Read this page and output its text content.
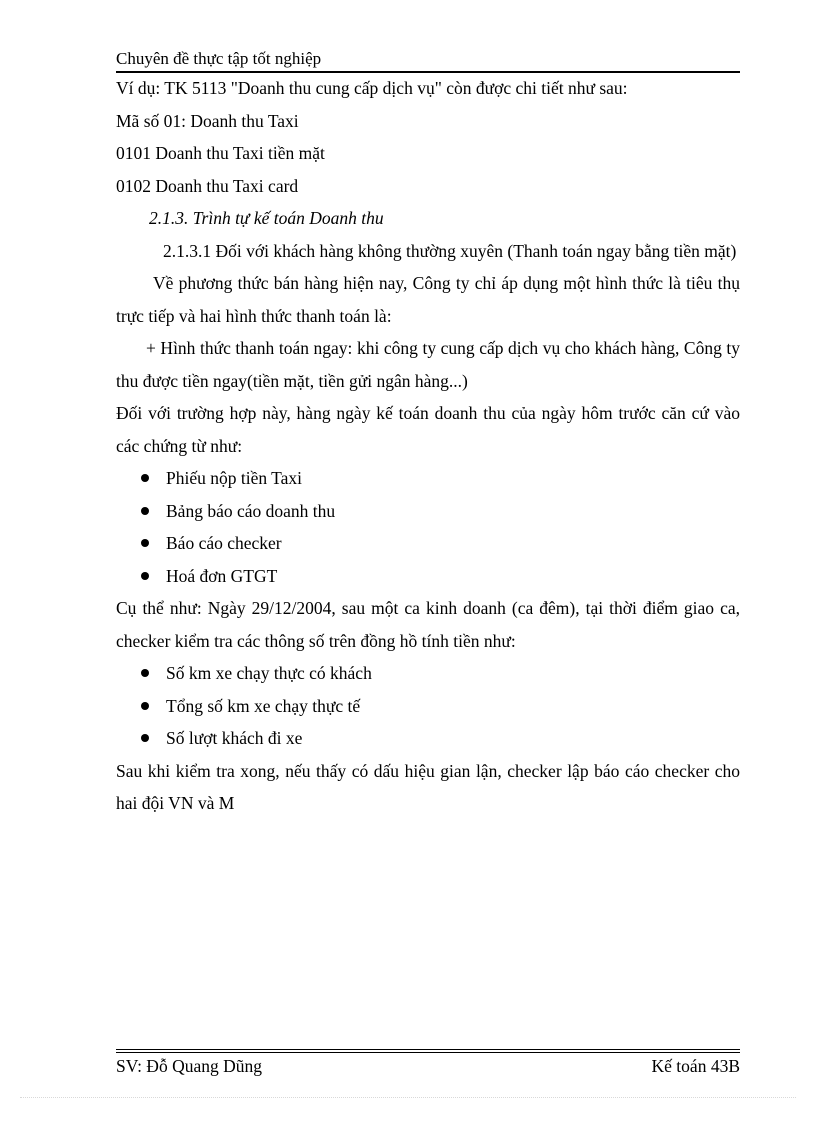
Chuyên đề thực tập tốt nghiệp

Ví dụ: TK 5113 "Doanh thu cung cấp dịch vụ" còn được chi tiết như sau:

Mã số 01: Doanh thu Taxi

0101 Doanh thu Taxi tiền mặt

0102 Doanh thu Taxi card

2.1.3. Trình tự kế toán Doanh thu

2.1.3.1 Đối với khách hàng không thường xuyên (Thanh toán ngay bằng tiền mặt)

Về phương thức bán hàng hiện nay, Công ty chỉ áp dụng một hình thức là tiêu thụ trực tiếp và hai hình thức thanh toán là:

+ Hình thức thanh toán ngay: khi công ty cung cấp dịch vụ cho khách hàng, Công ty thu được tiền ngay(tiền mặt, tiền gửi ngân hàng...)

Đối với trường hợp này, hàng ngày kế toán doanh thu của ngày hôm trước căn cứ vào các chứng từ như:

Phiếu nộp tiền Taxi
Bảng báo cáo doanh thu
Báo cáo checker
Hoá đơn GTGT

Cụ thể như: Ngày 29/12/2004, sau một ca kinh doanh (ca đêm), tại thời điểm giao ca, checker kiểm tra các thông số trên đồng hồ tính tiền như:

Số km xe chạy thực có khách
Tổng số km xe chạy thực tế
Số lượt khách đi xe

Sau khi kiểm tra xong, nếu thấy có dấu hiệu gian lận, checker lập báo cáo checker cho hai đội VN và M

SV: Đỗ Quang Dũng	Kế toán 43B
